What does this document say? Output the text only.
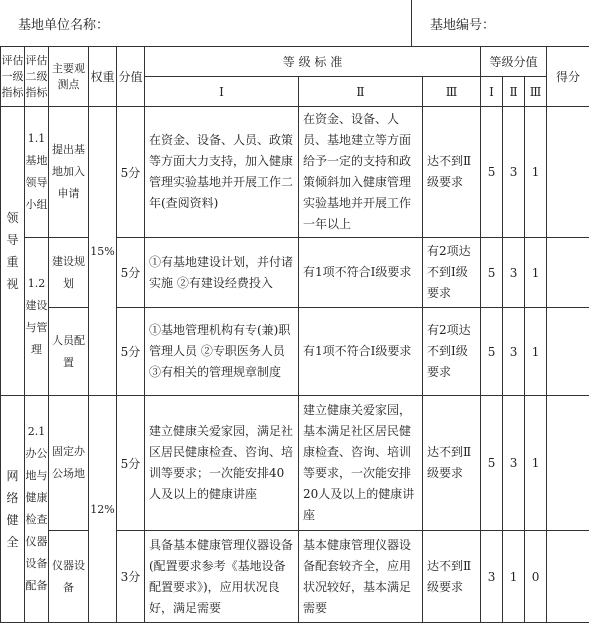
基地单位名称：	基地编号：
评估一级指标	评估二级指标	主要观测点	权重	分值	等 级 标 准			等级分值			得分
					Ⅰ	Ⅱ	Ⅲ	Ⅰ	Ⅱ	Ⅲ	
领导重视	1.1 基地领导小组	提出基地加入申请	15%	5分	在资金、设备、人员、政策等方面大力支持，加入健康管理实验基地并开展工作二年(查阅资料)	在资金、设备、人员、基地建立等方面给予一定的支持和政策倾斜加入健康管理实验基地并开展工作一年以上	达不到Ⅱ级要求	5	3	1	
	1.2 建设与管理	建设规划		5分	①有基地建设计划，并付诸实施 ②有建设经费投入	有1项不符合Ⅰ级要求	有2项达不到Ⅰ级要求	5	3	1	
		人员配置		5分	①基地管理机构有专(兼)职管理人员 ②专职医务人员 ③有相关的管理规章制度	有1项不符合Ⅰ级要求	有2项达不到Ⅰ级要求	5	3	1	
网络健全	2.1 办公地与健康检查仪器设备配备	固定办公场地	12%	5分	建立健康关爱家园，满足社区居民健康检查、咨询、培训等要求；一次能安排40人及以上的健康讲座	建立健康关爱家园，基本满足社区居民健康检查、咨询、培训等要求，一次能安排20人及以上的健康讲座	达不到Ⅱ级要求	5	3	1	
		仪器设备		3分	具备基本健康管理仪器设备(配置要求参考《基地设备配置要求》)，应用状况良好，满足需要	基本健康管理仪器设备配套较齐全，应用状况较好，基本满足需要	达不到Ⅱ级要求	3	1	0	
